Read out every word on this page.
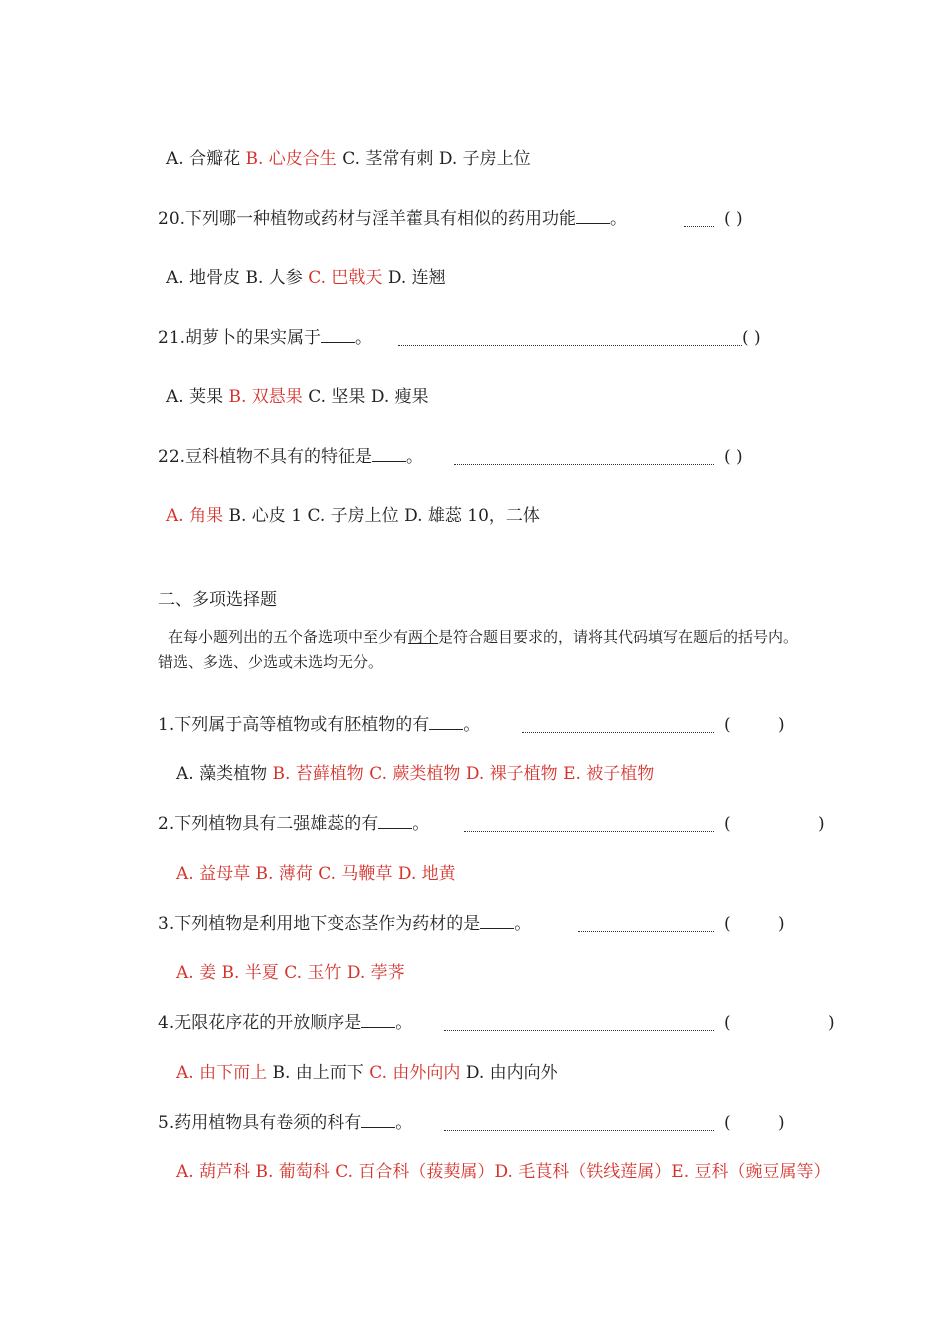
A. 合瓣花 B. 心皮合生 C. 茎常有刺 D. 子房上位
20.下列哪一种植物或药材与淫羊藿具有相似的药用功能 。	( )
A. 地骨皮 B. 人参 C. 巴戟天 D. 连翘
21.胡萝卜的果实属于 。	( )
A. 荚果 B. 双悬果 C. 坚果 D. 瘦果
22.豆科植物不具有的特征是 。	( )
A. 角果 B. 心皮 1 C. 子房上位 D. 雄蕊 10，二体
二、多项选择题
在每小题列出的五个备选项中至少有两个是符合题目要求的，请将其代码填写在题后的括号内。
错选、多选、少选或未选均无分。
1.下列属于高等植物或有胚植物的有 。	(	)
A. 藻类植物 B. 苔藓植物 C. 蕨类植物 D. 裸子植物 E. 被子植物
2.下列植物具有二强雄蕊的有 。	(	)
A. 益母草 B. 薄荷 C. 马鞭草 D. 地黄
3.下列植物是利用地下变态茎作为药材的是 。	(	)
A. 姜 B. 半夏 C. 玉竹 D. 荸荠
4.无限花序花的开放顺序是 。	(	)
A. 由下而上 B. 由上而下 C. 由外向内 D. 由内向外
5.药用植物具有卷须的科有 。	(	)
A. 葫芦科 B. 葡萄科 C. 百合科（菝葜属）D. 毛茛科（铁线莲属）E. 豆科（豌豆属等）
